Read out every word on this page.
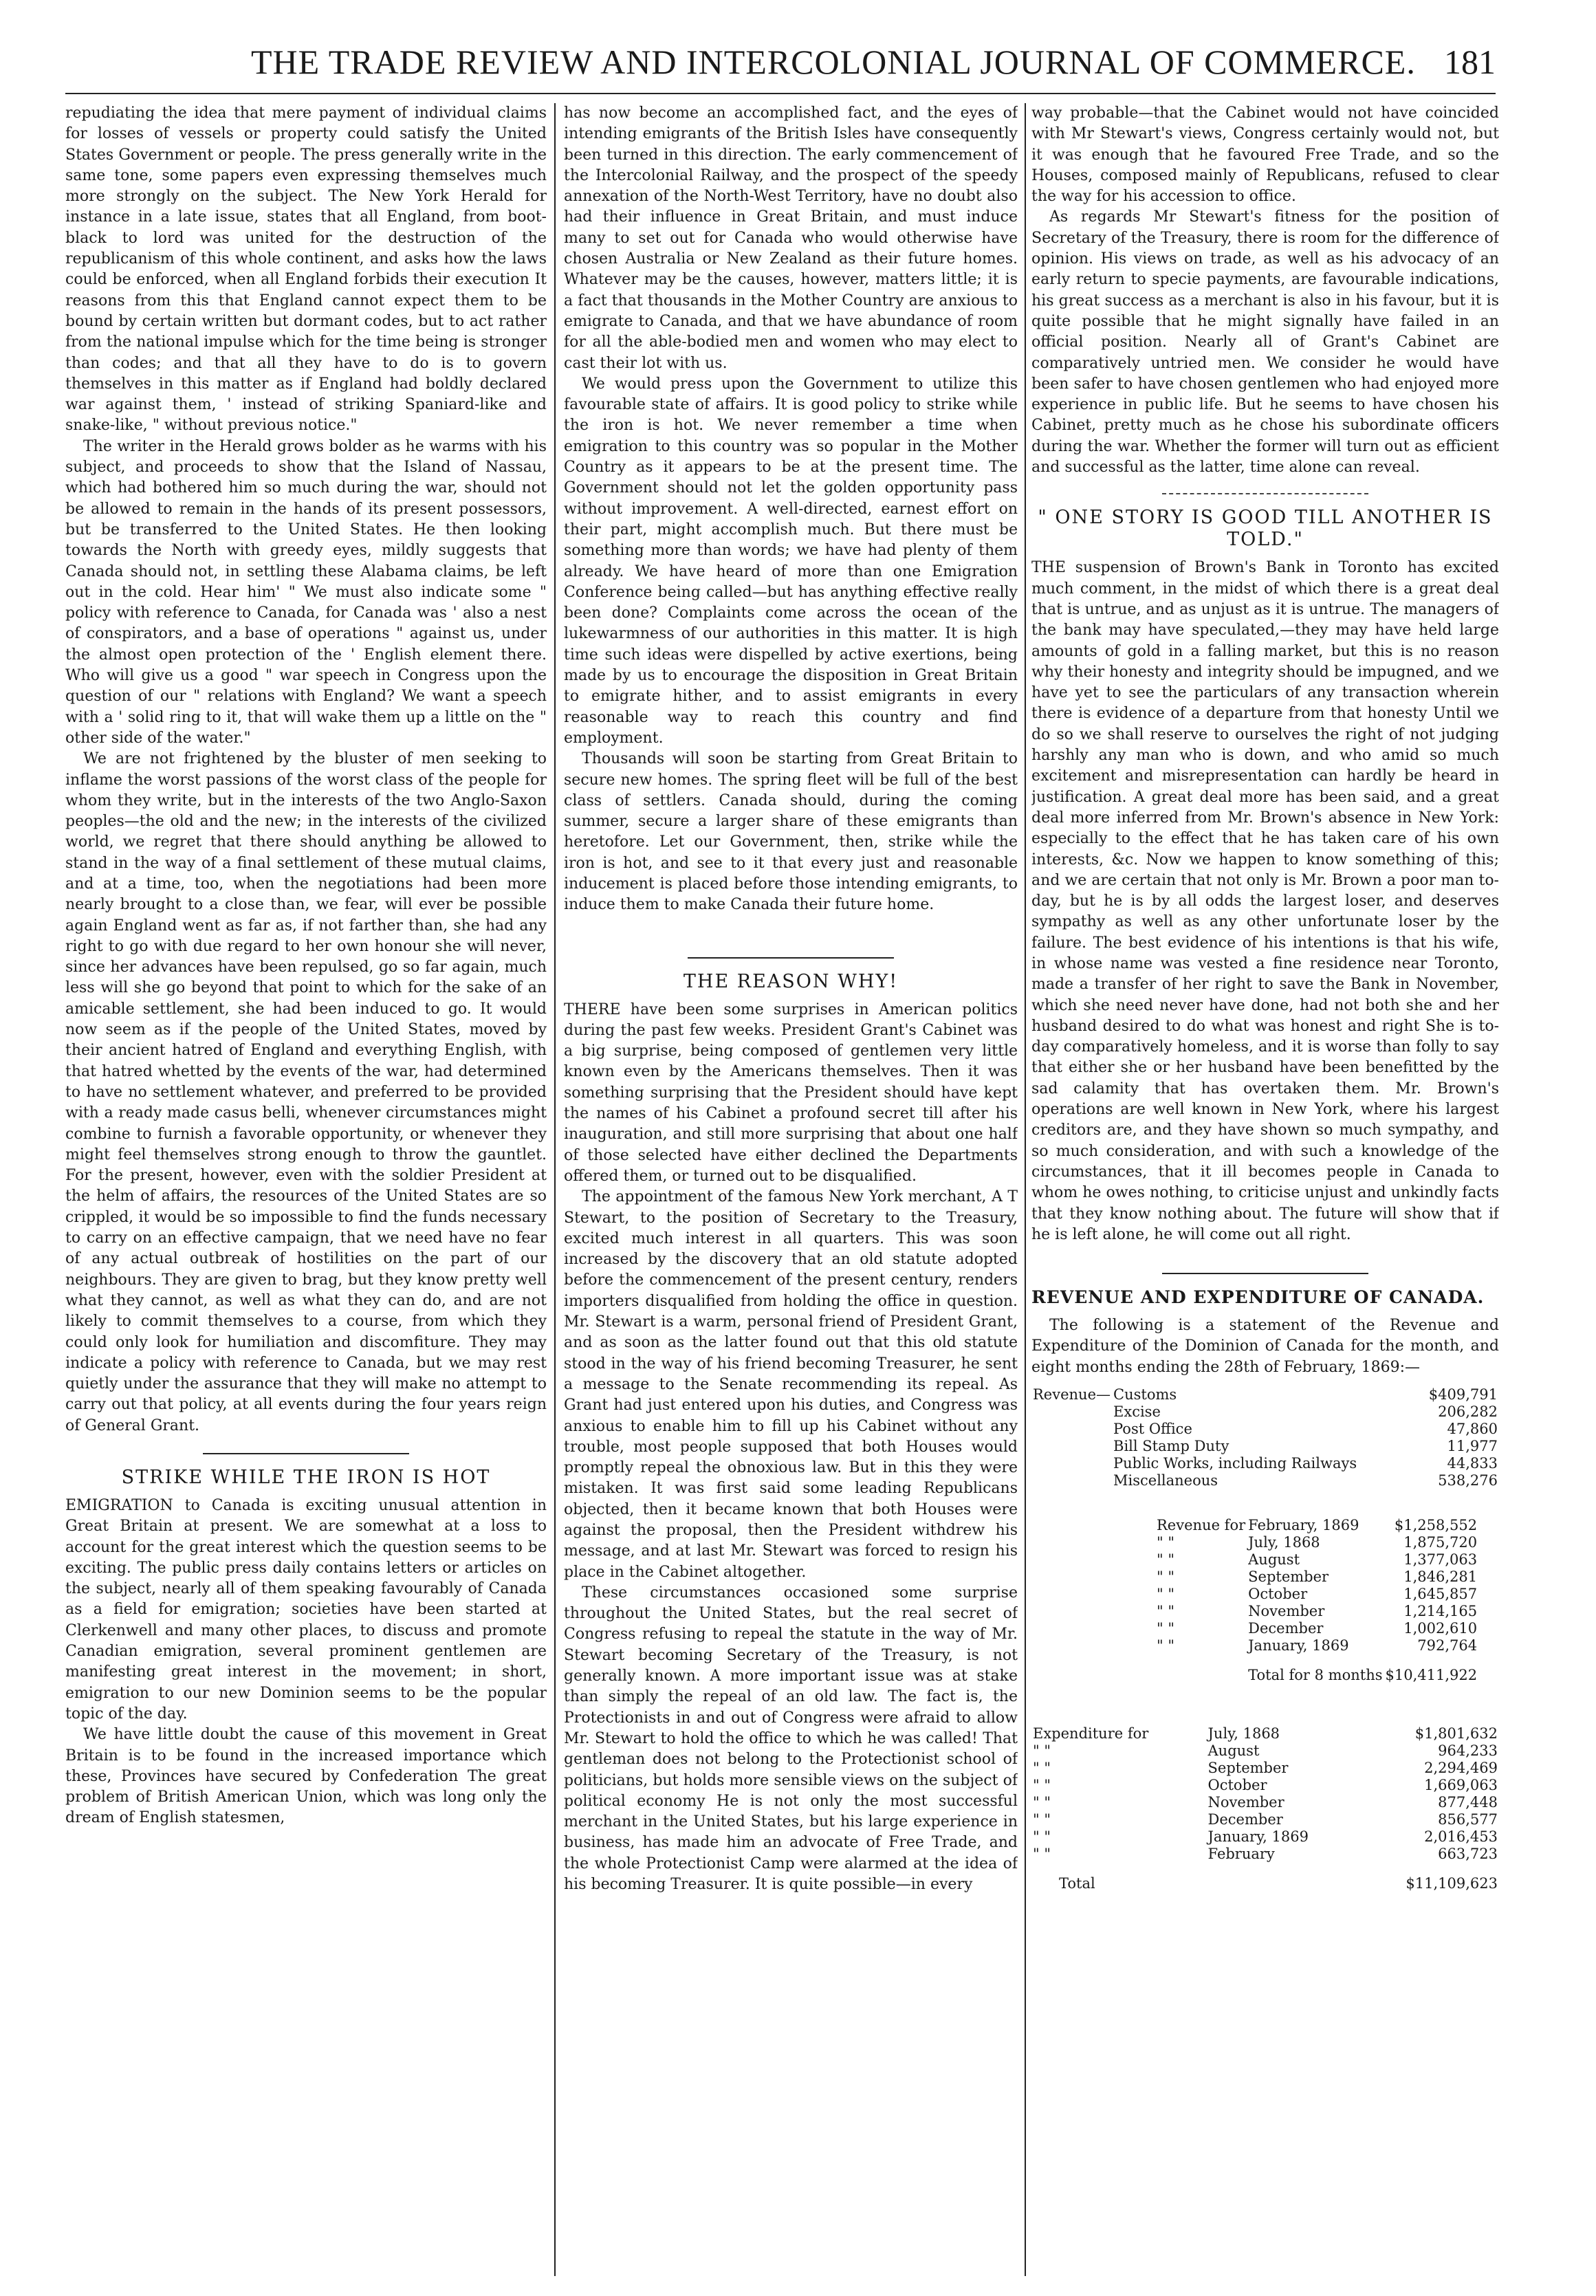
THE TRADE REVIEW AND INTERCOLONIAL JOURNAL OF COMMERCE. 181

repudiating the idea that mere payment of individual claims for losses of vessels or property could satisfy the United States Government or people. The press generally write in the same tone, some papers even expressing themselves much more strongly on the subject. The New York Herald for instance in a late issue, states that all England, from boot-black to lord was united for the destruction of the republicanism of this whole continent, and asks how the laws could be enforced, when all England forbids their execution It reasons from this that England cannot expect them to be bound by certain written but dormant codes, but to act rather from the national impulse which for the time being is stronger than codes; and that all they have to do is to govern themselves in this matter as if England had boldly declared war against them, ' instead of striking Spaniard-like and snake-like, " without previous notice."

The writer in the Herald grows bolder as he warms with his subject, and proceeds to show that the Island of Nassau, which had bothered him so much during the war, should not be allowed to remain in the hands of its present possessors, but be transferred to the United States. He then looking towards the North with greedy eyes, mildly suggests that Canada should not, in settling these Alabama claims, be left out in the cold. Hear him' " We must also indicate some " policy with reference to Canada, for Canada was ' also a nest of conspirators, and a base of operations " against us, under the almost open protection of the ' English element there. Who will give us a good " war speech in Congress upon the question of our " relations with England? We want a speech with a ' solid ring to it, that will wake them up a little on the " other side of the water."

We are not frightened by the bluster of men seeking to inflame the worst passions of the worst class of the people for whom they write, but in the interests of the two Anglo-Saxon peoples—the old and the new; in the interests of the civilized world, we regret that there should anything be allowed to stand in the way of a final settlement of these mutual claims, and at a time, too, when the negotiations had been more nearly brought to a close than, we fear, will ever be possible again England went as far as, if not farther than, she had any right to go with due regard to her own honour she will never, since her advances have been repulsed, go so far again, much less will she go beyond that point to which for the sake of an amicable settlement, she had been induced to go. It would now seem as if the people of the United States, moved by their ancient hatred of England and everything English, with that hatred whetted by the events of the war, had determined to have no settlement whatever, and preferred to be provided with a ready made casus belli, whenever circumstances might combine to furnish a favorable opportunity, or whenever they might feel themselves strong enough to throw the gauntlet. For the present, however, even with the soldier President at the helm of affairs, the resources of the United States are so crippled, it would be so impossible to find the funds necessary to carry on an effective campaign, that we need have no fear of any actual outbreak of hostilities on the part of our neighbours. They are given to brag, but they know pretty well what they cannot, as well as what they can do, and are not likely to commit themselves to a course, from which they could only look for humiliation and discomfiture. They may indicate a policy with reference to Canada, but we may rest quietly under the assurance that they will make no attempt to carry out that policy, at all events during the four years reign of General Grant.

STRIKE WHILE THE IRON IS HOT

EMIGRATION to Canada is exciting unusual attention in Great Britain at present. We are somewhat at a loss to account for the great interest which the question seems to be exciting. The public press daily contains letters or articles on the subject, nearly all of them speaking favourably of Canada as a field for emigration; societies have been started at Clerkenwell and many other places, to discuss and promote Canadian emigration, several prominent gentlemen are manifesting great interest in the movement; in short, emigration to our new Dominion seems to be the popular topic of the day.

We have little doubt the cause of this movement in Great Britain is to be found in the increased importance which these, Provinces have secured by Confederation The great problem of British American Union, which was long only the dream of English statesmen,

has now become an accomplished fact, and the eyes of intending emigrants of the British Isles have consequently been turned in this direction. The early commencement of the Intercolonial Railway, and the prospect of the speedy annexation of the North-West Territory, have no doubt also had their influence in Great Britain, and must induce many to set out for Canada who would otherwise have chosen Australia or New Zealand as their future homes. Whatever may be the causes, however, matters little; it is a fact that thousands in the Mother Country are anxious to emigrate to Canada, and that we have abundance of room for all the able-bodied men and women who may elect to cast their lot with us.

We would press upon the Government to utilize this favourable state of affairs. It is good policy to strike while the iron is hot. We never remember a time when emigration to this country was so popular in the Mother Country as it appears to be at the present time. The Government should not let the golden opportunity pass without improvement. A well-directed, earnest effort on their part, might accomplish much. But there must be something more than words; we have had plenty of them already. We have heard of more than one Emigration Conference being called—but has anything effective really been done? Complaints come across the ocean of the lukewarmness of our authorities in this matter. It is high time such ideas were dispelled by active exertions, being made by us to encourage the disposition in Great Britain to emigrate hither, and to assist emigrants in every reasonable way to reach this country and find employment.

Thousands will soon be starting from Great Britain to secure new homes. The spring fleet will be full of the best class of settlers. Canada should, during the coming summer, secure a larger share of these emigrants than heretofore. Let our Government, then, strike while the iron is hot, and see to it that every just and reasonable inducement is placed before those intending emigrants, to induce them to make Canada their future home.

THE REASON WHY!

THERE have been some surprises in American politics during the past few weeks. President Grant's Cabinet was a big surprise, being composed of gentlemen very little known even by the Americans themselves. Then it was something surprising that the President should have kept the names of his Cabinet a profound secret till after his inauguration, and still more surprising that about one half of those selected have either declined the Departments offered them, or turned out to be disqualified.

The appointment of the famous New York merchant, A T Stewart, to the position of Secretary to the Treasury, excited much interest in all quarters. This was soon increased by the discovery that an old statute adopted before the commencement of the present century, renders importers disqualified from holding the office in question. Mr. Stewart is a warm, personal friend of President Grant, and as soon as the latter found out that this old statute stood in the way of his friend becoming Treasurer, he sent a message to the Senate recommending its repeal. As Grant had just entered upon his duties, and Congress was anxious to enable him to fill up his Cabinet without any trouble, most people supposed that both Houses would promptly repeal the obnoxious law. But in this they were mistaken. It was first said some leading Republicans objected, then it became known that both Houses were against the proposal, then the President withdrew his message, and at last Mr. Stewart was forced to resign his place in the Cabinet altogether.

These circumstances occasioned some surprise throughout the United States, but the real secret of Congress refusing to repeal the statute in the way of Mr. Stewart becoming Secretary of the Treasury, is not generally known. A more important issue was at stake than simply the repeal of an old law. The fact is, the Protectionists in and out of Congress were afraid to allow Mr. Stewart to hold the office to which he was called! That gentleman does not belong to the Protectionist school of politicians, but holds more sensible views on the subject of political economy He is not only the most successful merchant in the United States, but his large experience in business, has made him an advocate of Free Trade, and the whole Protectionist Camp were alarmed at the idea of his becoming Treasurer. It is quite possible—in every

way probable—that the Cabinet would not have coincided with Mr Stewart's views, Congress certainly would not, but it was enough that he favoured Free Trade, and so the Houses, composed mainly of Republicans, refused to clear the way for his accession to office.

As regards Mr Stewart's fitness for the position of Secretary of the Treasury, there is room for the difference of opinion. His views on trade, as well as his advocacy of an early return to specie payments, are favourable indications, his great success as a merchant is also in his favour, but it is quite possible that he might signally have failed in an official position. Nearly all of Grant's Cabinet are comparatively untried men. We consider he would have been safer to have chosen gentlemen who had enjoyed more experience in public life. But he seems to have chosen his Cabinet, pretty much as he chose his subordinate officers during the war. Whether the former will turn out as efficient and successful as the latter, time alone can reveal.

" ONE STORY IS GOOD TILL ANOTHER IS TOLD."

THE suspension of Brown's Bank in Toronto has excited much comment, in the midst of which there is a great deal that is untrue, and as unjust as it is untrue. The managers of the bank may have speculated,—they may have held large amounts of gold in a falling market, but this is no reason why their honesty and integrity should be impugned, and we have yet to see the particulars of any transaction wherein there is evidence of a departure from that honesty Until we do so we shall reserve to ourselves the right of not judging harshly any man who is down, and who amid so much excitement and misrepresentation can hardly be heard in justification. A great deal more has been said, and a great deal more inferred from Mr. Brown's absence in New York: especially to the effect that he has taken care of his own interests, &c. Now we happen to know something of this; and we are certain that not only is Mr. Brown a poor man to-day, but he is by all odds the largest loser, and deserves sympathy as well as any other unfortunate loser by the failure. The best evidence of his intentions is that his wife, in whose name was vested a fine residence near Toronto, made a transfer of her right to save the Bank in November, which she need never have done, had not both she and her husband desired to do what was honest and right She is to-day comparatively homeless, and it is worse than folly to say that either she or her husband have been benefitted by the sad calamity that has overtaken them. Mr. Brown's operations are well known in New York, where his largest creditors are, and they have shown so much sympathy, and so much consideration, and with such a knowledge of the circumstances, that it ill becomes people in Canada to whom he owes nothing, to criticise unjust and unkindly facts that they know nothing about. The future will show that if he is left alone, he will come out all right.

REVENUE AND EXPENDITURE OF CANADA.

The following is a statement of the Revenue and Expenditure of the Dominion of Canada for the month, and eight months ending the 28th of February, 1869:—

Revenue—	Customs	$409,791
	Excise	206,282
	Post Office	47,860
	Bill Stamp Duty	11,977
	Public Works, including Railways	44,833
	Miscellaneous	538,276
Revenue for	February, 1869	$1,258,552
" "	July, 1868	1,875,720
" "	August	1,377,063
" "	September	1,846,281
" "	October	1,645,857
" "	November	1,214,165
" "	December	1,002,610
" "	January, 1869	792,764
	Total for 8 months	$10,411,922
Expenditure for	July, 1868	$1,801,632
" "	August	964,233
" "	September	2,294,469
" "	October	1,669,063
" "	November	877,448
" "	December	856,577
" "	January, 1869	2,016,453
" "	February	663,723
Total		$11,109,623
